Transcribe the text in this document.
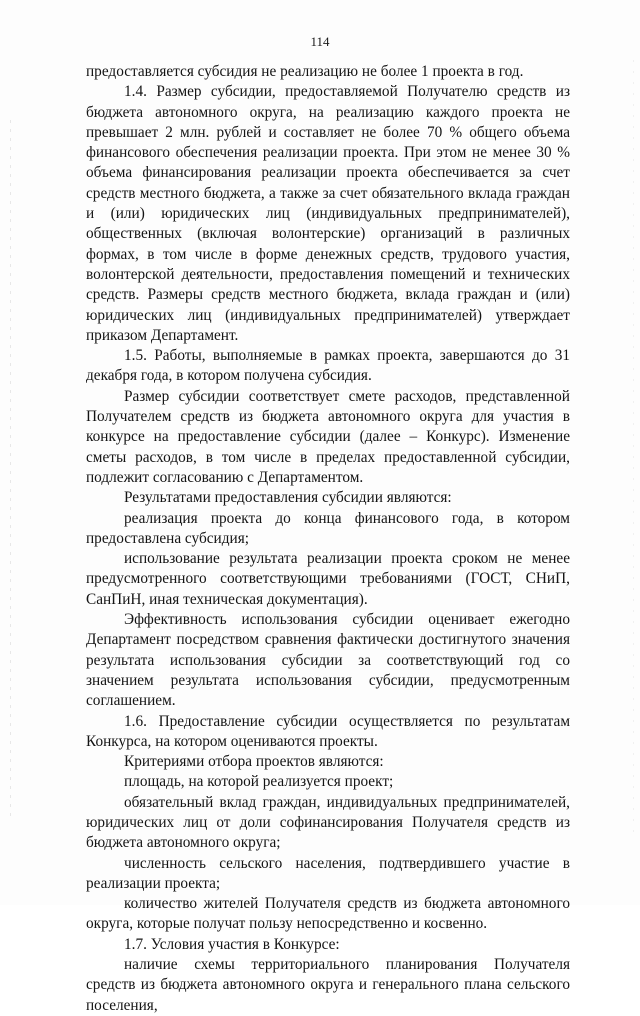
114

предоставляется субсидия не реализацию не более 1 проекта в год.

1.4. Размер субсидии, предоставляемой Получателю средств из бюджета автономного округа, на реализацию каждого проекта не превышает 2 млн. рублей и составляет не более 70 % общего объема финансового обеспечения реализации проекта. При этом не менее 30 % объема финансирования реализации проекта обеспечивается за счет средств местного бюджета, а также за счет обязательного вклада граждан и (или) юридических лиц (индивидуальных предпринимателей), общественных (включая волонтерские) организаций в различных формах, в том числе в форме денежных средств, трудового участия, волонтерской деятельности, предоставления помещений и технических средств. Размеры средств местного бюджета, вклада граждан и (или) юридических лиц (индивидуальных предпринимателей) утверждает приказом Департамент.

1.5. Работы, выполняемые в рамках проекта, завершаются до 31 декабря года, в котором получена субсидия.

Размер субсидии соответствует смете расходов, представленной Получателем средств из бюджета автономного округа для участия в конкурсе на предоставление субсидии (далее – Конкурс). Изменение сметы расходов, в том числе в пределах предоставленной субсидии, подлежит согласованию с Департаментом.

Результатами предоставления субсидии являются:

реализация проекта до конца финансового года, в котором предоставлена субсидия;

использование результата реализации проекта сроком не менее предусмотренного соответствующими требованиями (ГОСТ, СНиП, СанПиН, иная техническая документация).

Эффективность использования субсидии оценивает ежегодно Департамент посредством сравнения фактически достигнутого значения результата использования субсидии за соответствующий год со значением результата использования субсидии, предусмотренным соглашением.

1.6. Предоставление субсидии осуществляется по результатам Конкурса, на котором оцениваются проекты.

Критериями отбора проектов являются:

площадь, на которой реализуется проект;

обязательный вклад граждан, индивидуальных предпринимателей, юридических лиц от доли софинансирования Получателя средств из бюджета автономного округа;

численность сельского населения, подтвердившего участие в реализации проекта;

количество жителей Получателя средств из бюджета автономного округа, которые получат пользу непосредственно и косвенно.

1.7. Условия участия в Конкурсе:

наличие схемы территориального планирования Получателя средств из бюджета автономного округа и генерального плана сельского поселения,
